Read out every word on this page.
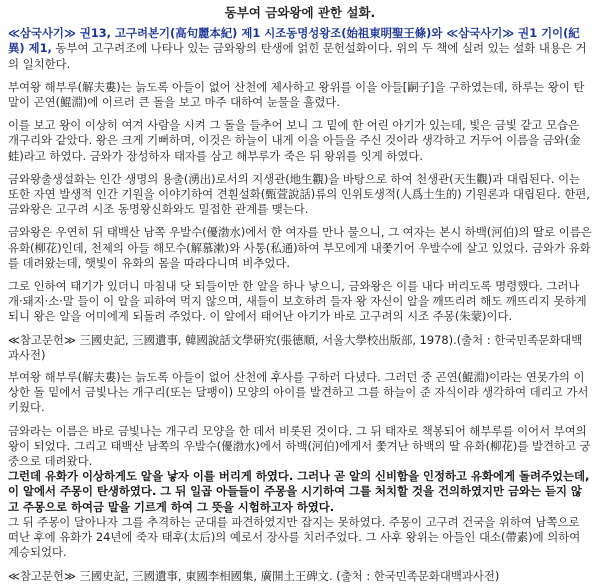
동부여 금와왕에 관한 설화.

≪삼국사기≫ 권13, 고구려본기(高句麗本紀) 제1 시조동명성왕조(始祖東明聖王條)와 ≪삼국사기≫ 권1 기이(紀異) 제1, 동부여 고구려조에 나타나 있는 금와왕의 탄생에 얽힌 문헌설화이다. 위의 두 책에 실려 있는 설화 내용은 거의 일치한다.

부여왕 해부루(解夫婁)는 늙도록 아들이 없어 산천에 제사하고 왕위를 이을 아들[嗣子]을 구하였는데, 하루는 왕이 탄 말이 곤연(鯤淵)에 이르러 큰 돌을 보고 마주 대하여 눈물을 흘렸다.

이를 보고 왕이 이상히 여겨 사람을 시켜 그 돌을 들추어 보니 그 밑에 한 어린 아기가 있는데, 빛은 금빛 같고 모습은 개구리와 같았다. 왕은 크게 기뻐하며, 이것은 하늘이 내게 이을 아들을 주신 것이라 생각하고 거두어 이름을 금와(金蛙)라고 하였다. 금와가 장성하자 태자를 삼고 해부루가 죽은 뒤 왕위를 잇게 하였다.

금와왕출생설화는 인간 생명의 용출(湧出)로서의 지생관(地生觀)을 바탕으로 하여 천생관(天生觀)과 대립된다. 이는 또한 자연 발생적 인간 기원을 이야기하여 견훤설화(甄萱說話)류의 인위토생적(人爲土生的) 기원론과 대립된다. 한편, 금와왕은 고구려 시조 동명왕신화와도 밀접한 관계를 맺는다.

금와왕은 우연히 뒤 태백산 남쪽 우발수(優渤水)에서 한 여자를 만나 물으니, 그 여자는 본시 하백(河伯)의 딸로 이름은 유화(柳花)인데, 천제의 아들 해모수(解慕漱)와 사통(私通)하여 부모에게 내쫓기어 우발수에 살고 있었다. 금와가 유화를 데려왔는데, 햇빛이 유화의 몸을 따라다니며 비추었다.

그로 인하여 태기가 있더니 마침내 닷 되들이만 한 알을 하나 낳으니, 금와왕은 이를 내다 버리도록 명령했다. 그러나 개·돼지·소·말 들이 이 알을 피하여 먹지 않으며, 새들이 보호하려 들자 왕 자신이 알을 깨뜨리려 해도 깨뜨리지 못하게 되니 왕은 알을 어미에게 되돌려 주었다. 이 알에서 태어난 아기가 바로 고구려의 시조 주몽(朱蒙)이다.

≪참고문헌≫ 三國史記, 三國遺事, 韓國說話文學硏究(張德順, 서울大學校出版部, 1978).(출처 : 한국민족문화대백과사전)

부여왕 해부루(解夫婁)는 늙도록 아들이 없어 산천에 후사를 구하러 다녔다. 그러던 중 곤연(鯤淵)이라는 연못가의 이상한 돌 밑에서 금빛나는 개구리(또는 달팽이) 모양의 아이를 발견하고 그를 하늘이 준 자식이라 생각하여 데리고 가서 키웠다.

금와라는 이름은 바로 금빛나는 개구리 모양을 한 데서 비롯된 것이다. 그 뒤 태자로 책봉되어 해부루를 이어서 부여의 왕이 되었다. 그리고 태백산 남쪽의 우발수(優渤水)에서 하백(河伯)에게서 쫓겨난 하백의 딸 유화(柳花)를 발견하고 궁중으로 데려왔다.

그런데 유화가 이상하게도 알을 낳자 이를 버리게 하였다. 그러나 곧 알의 신비함을 인정하고 유화에게 돌려주었는데, 이 알에서 주몽이 탄생하였다. 그 뒤 일곱 아들들이 주몽을 시기하여 그를 처치할 것을 건의하였지만 금와는 듣지 않고 주몽으로 하여금 말을 기르게 하여 그 뜻을 시험하고자 하였다.

그 뒤 주몽이 달아나자 그를 추격하는 군대를 파견하였지만 잡지는 못하였다. 주몽이 고구려 건국을 위하여 남쪽으로 떠난 후에 유화가 24년에 죽자 태후(太后)의 예로서 장사를 치러주었다. 그 사후 왕위는 아들인 대소(帶素)에 의하여 계승되었다.

≪참고문헌≫ 三國史記, 三國遺事, 東國李相國集, 廣開土王碑文. (출처 : 한국민족문화대백과사전)
